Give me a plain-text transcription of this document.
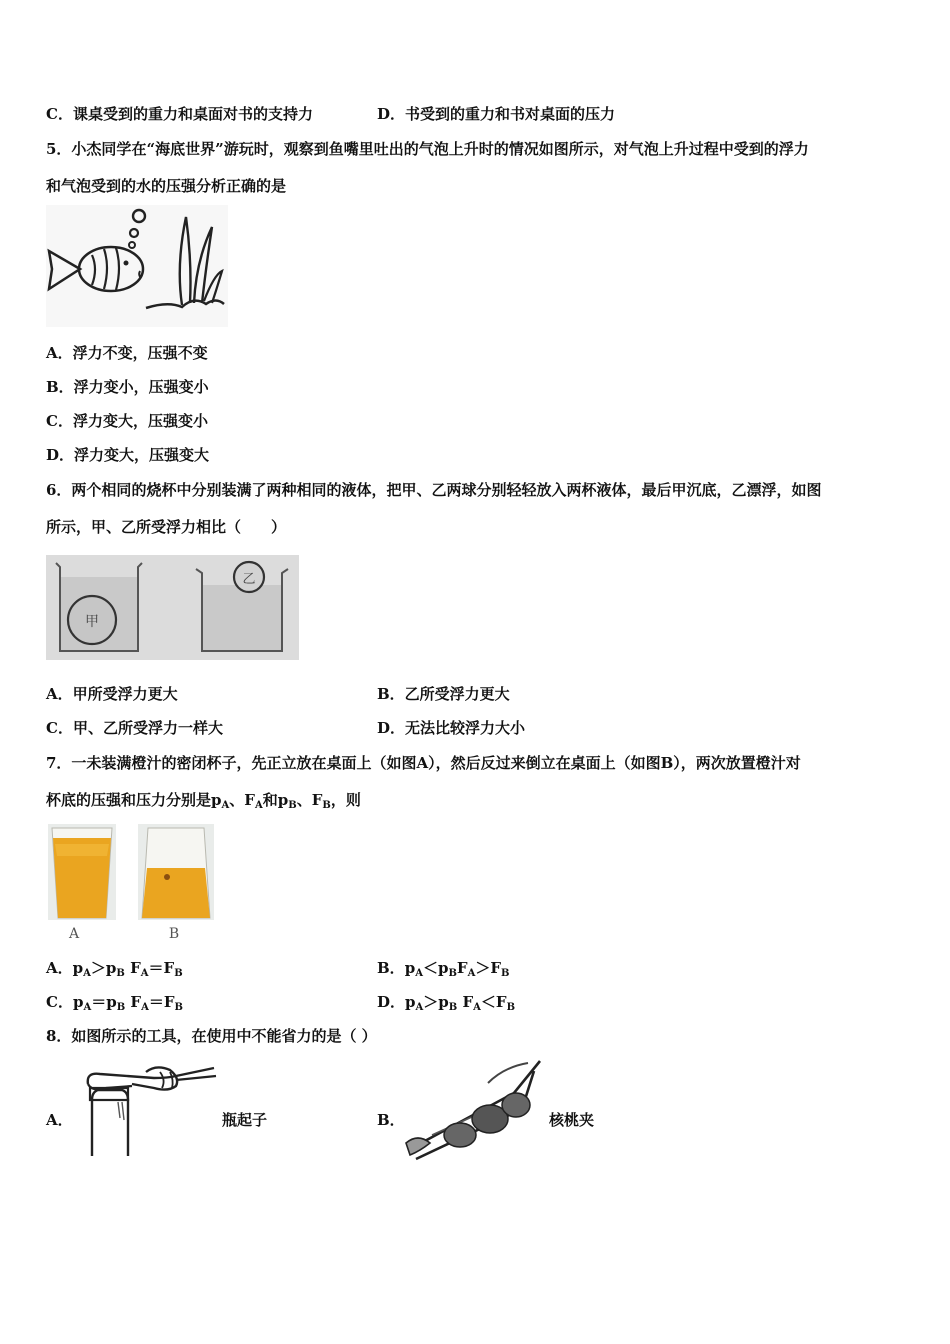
C．课桌受到的重力和桌面对书的支持力	D．书受到的重力和书对桌面的压力
5．小杰同学在“海底世界”游玩时，观察到鱼嘴里吐出的气泡上升时的情况如图所示，对气泡上升过程中受到的浮力
和气泡受到的水的压强分析正确的是
A．浮力不变，压强不变
B．浮力变小，压强变小
C．浮力变大，压强变小
D．浮力变大，压强变大
6．两个相同的烧杯中分别装满了两种相同的液体，把甲、乙两球分别轻轻放入两杯液体，最后甲沉底，乙漂浮，如图
所示，甲、乙所受浮力相比（　　）
甲
乙
A．甲所受浮力更大	B．乙所受浮力更大
C．甲、乙所受浮力一样大	D．无法比较浮力大小
7．一未装满橙汁的密闭杯子，先正立放在桌面上（如图A），然后反过来倒立在桌面上（如图B），两次放置橙汁对
杯底的压强和压力分别是$p_A$、$F_A$和$p_B$、$F_B$，则
A	B
A．$p_A>p_B$ $F_A=F_B$	B．$p_A<p_BF_A>F_B$
C．$p_A=p_B$ $F_A=F_B$	D．$p_A>p_B$ $F_A<F_B$
8．如图所示的工具，在使用中不能省力的是（ ）
A．	瓶起子	B．	核桃夹
